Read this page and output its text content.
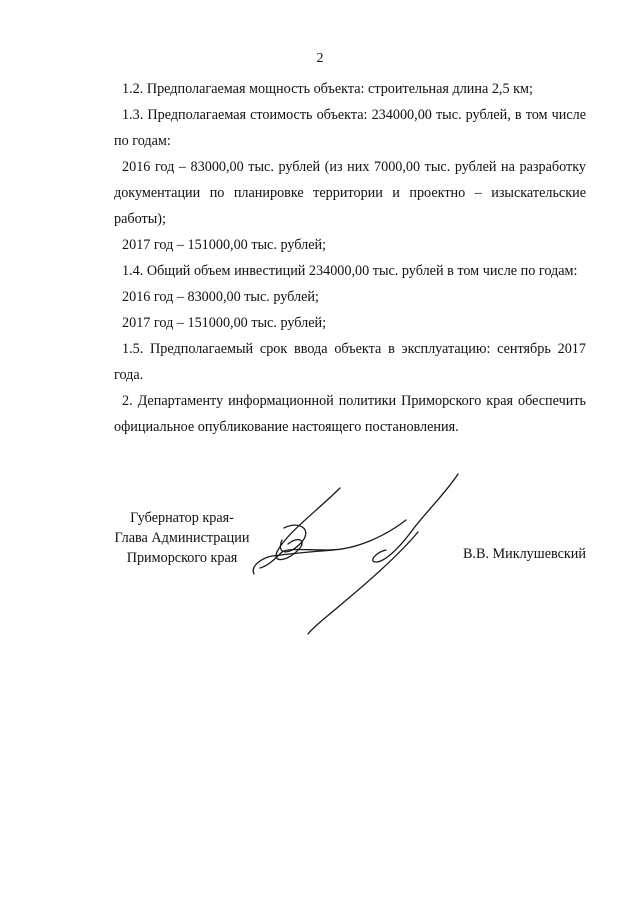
2

1.2. Предполагаемая мощность объекта: строительная длина 2,5 км;

1.3. Предполагаемая стоимость объекта: 234000,00 тыс. рублей, в том числе по годам:

2016 год – 83000,00 тыс. рублей (из них 7000,00 тыс. рублей на разработку документации по планировке территории и проектно – изыскательские работы);

2017 год – 151000,00 тыс. рублей;

1.4. Общий объем инвестиций 234000,00 тыс. рублей в том числе по годам:

2016 год – 83000,00 тыс. рублей;

2017 год – 151000,00 тыс. рублей;

1.5. Предполагаемый срок ввода объекта в эксплуатацию: сентябрь 2017 года.

2. Департаменту информационной политики Приморского края обеспечить официальное опубликование настоящего постановления.

Губернатор края-
Глава Администрации
Приморского края	В.В. Миклушевский
